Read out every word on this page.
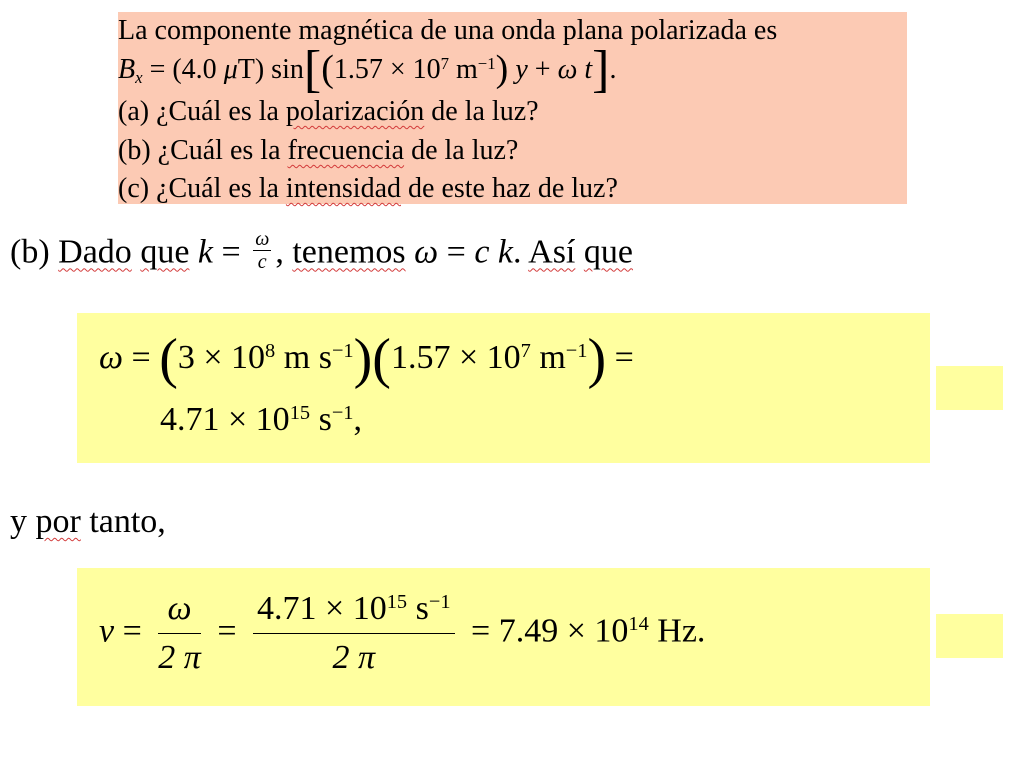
La componente magnética de una onda plana polarizada es
$B_x = (4.0$ μT) $\sin[(1.57 \times 10^7$ $m^{-1}$) y + ω t].
(a) ¿Cuál es la polarización de la luz?
(b) ¿Cuál es la frecuencia de la luz?
(c) ¿Cuál es la intensidad de este haz de luz?
(b) Dado que $k = \frac{\omega}{c}$ , tenemos ω = c k. Así que
$\omega = (3 \times 10^8$ m $s^{-1})(1.57 \times 10^7$ $m^{-1}$) =
$4.71 \times 10^{15}$ $s^{-1}$,
y por tanto,
$\nu = \frac{\omega}{2 \pi} = \frac{4.71 \times 10^{15} s^{-1}}{2 \pi} = 7.49 \times 10^{14}$ Hz.
